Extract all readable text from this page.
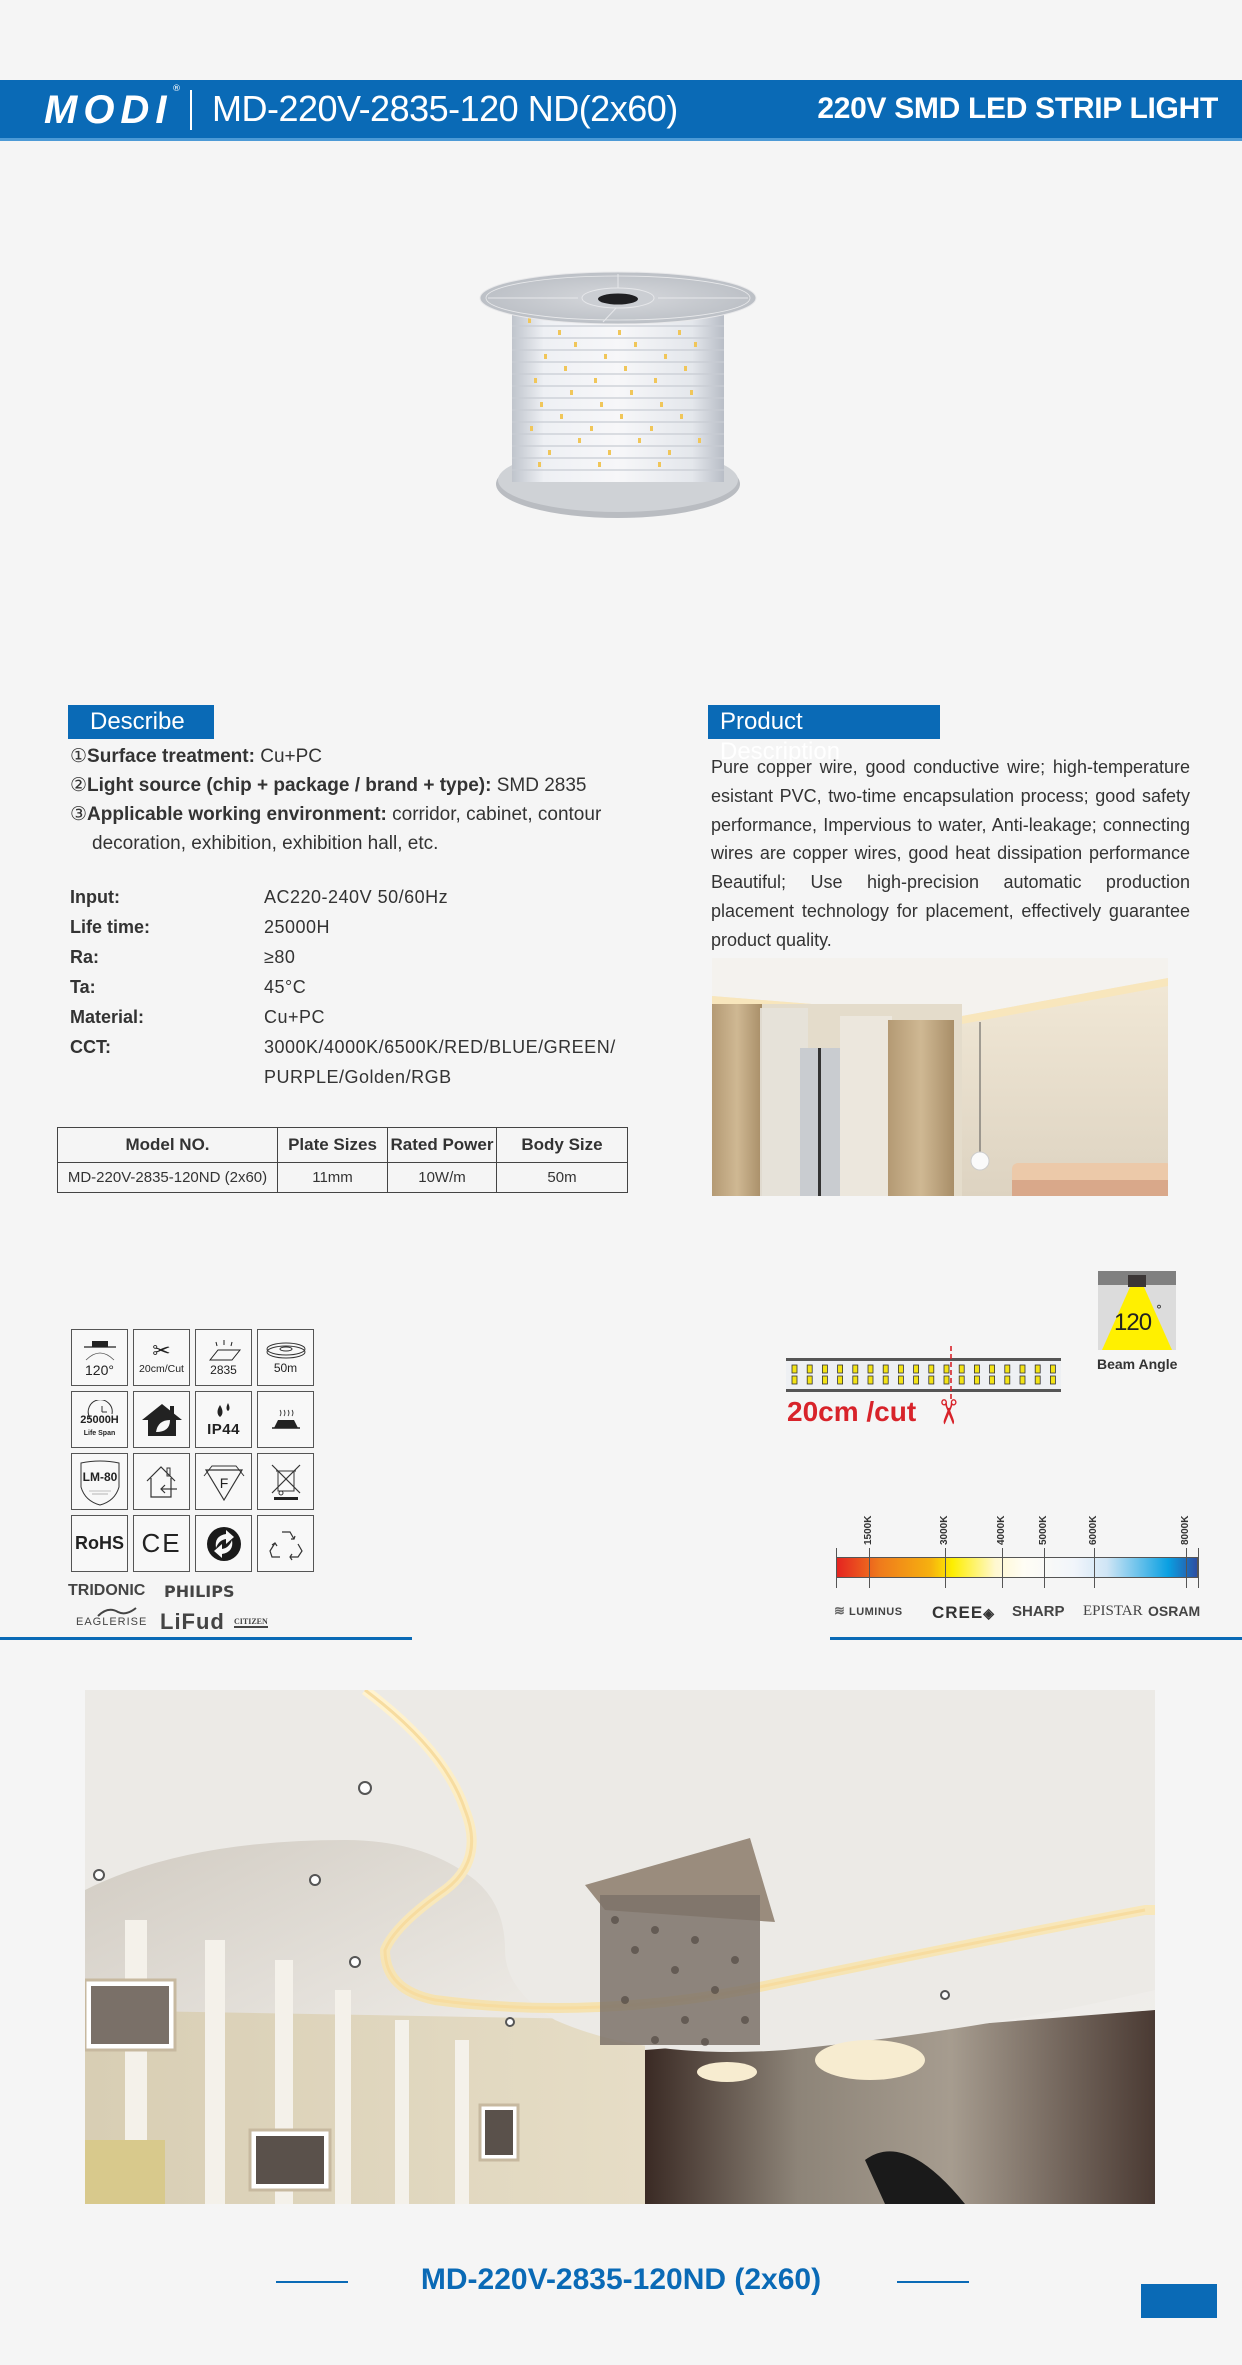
MODI ® MD-220V-2835-120 ND(2x60)	220V SMD LED STRIP LIGHT
Describe
①Surface treatment: Cu+PC
②Light source (chip + package / brand + type): SMD 2835
③Applicable working environment: corridor, cabinet, contour
decoration, exhibition, exhibition hall, etc.
Input:	AC220-240V 50/60Hz
Life time:	25000H
Ra:	≥80
Ta:	45°C
Material:	Cu+PC
CCT:	3000K/4000K/6500K/RED/BLUE/GREEN/
PURPLE/Golden/RGB
Model NO.	Plate Sizes	Rated Power	Body Size
MD-220V-2835-120ND (2x60)	11mm	10W/m	50m
Product Description
Pure copper wire, good conductive wire; high-temperature esistant PVC, two-time encapsulation process; good safety performance, Impervious to water, Anti-leakage; connecting wires are copper wires, good heat dissipation performance Beautiful; Use high-precision automatic production placement technology for placement, effectively guarantee product quality.
120°
✂
20cm/Cut 2835	50m
25000H
Life Span	IP44
LM-80	F
RoHS CE
TRIDONIC PHILIPS
EAGLERISE LiFud CITIZEN
20cm /cut ✂
120 °
Beam Angle
1500K	3000K	4000K	5000K	6000K	8000K
≋ LUMINUS CREE◈ SHARP EPISTAR OSRAM
MD-220V-2835-120ND (2x60)
